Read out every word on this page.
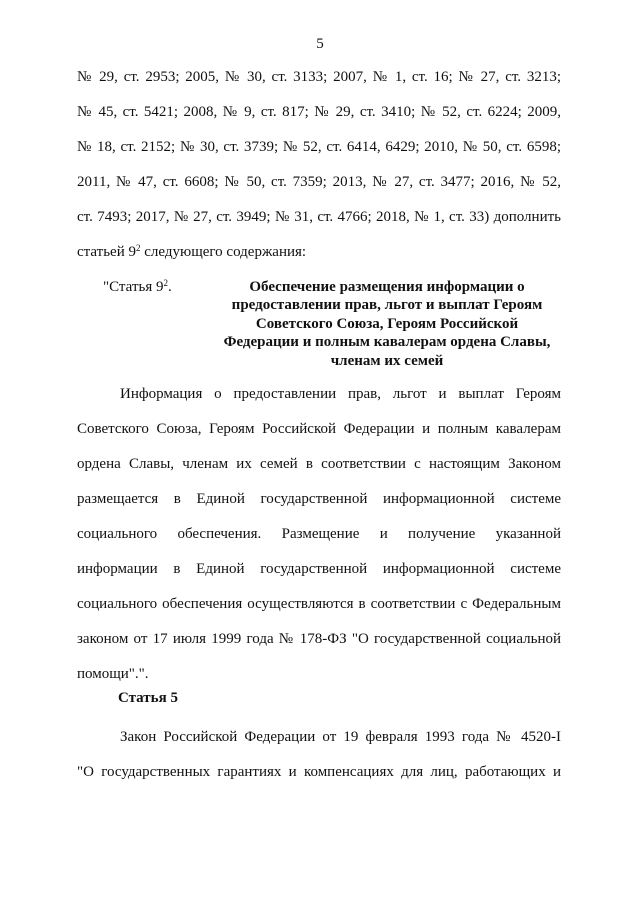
5
№ 29, ст. 2953; 2005, № 30, ст. 3133; 2007, № 1, ст. 16; № 27, ст. 3213;
№ 45, ст. 5421; 2008, № 9, ст. 817; № 29, ст. 3410; № 52, ст. 6224; 2009,
№ 18, ст. 2152; № 30, ст. 3739; № 52, ст. 6414, 6429; 2010, № 50, ст. 6598;
2011, № 47, ст. 6608; № 50, ст. 7359; 2013, № 27, ст. 3477; 2016, № 52,
ст. 7493; 2017, № 27, ст. 3949; № 31, ст. 4766; 2018, № 1, ст. 33) дополнить
статьей $9^2$ следующего содержания:
"Статья $9^2$.	Обеспечение размещения информации о
предоставлении прав, льгот и выплат Героям
Советского Союза, Героям Российской
Федерации и полным кавалерам ордена Славы,
членам их семей
Информация о предоставлении прав, льгот и выплат Героям
Советского Союза, Героям Российской Федерации и полным кавалерам
ордена Славы, членам их семей в соответствии с настоящим Законом
размещается в Единой государственной информационной системе
социального обеспечения. Размещение и получение указанной
информации в Единой государственной информационной системе
социального обеспечения осуществляются в соответствии с Федеральным
законом от 17 июля 1999 года № 178-ФЗ "О государственной социальной
помощи".".
Статья 5
Закон Российской Федерации от 19 февраля 1993 года № 4520-I
"О государственных гарантиях и компенсациях для лиц, работающих и
